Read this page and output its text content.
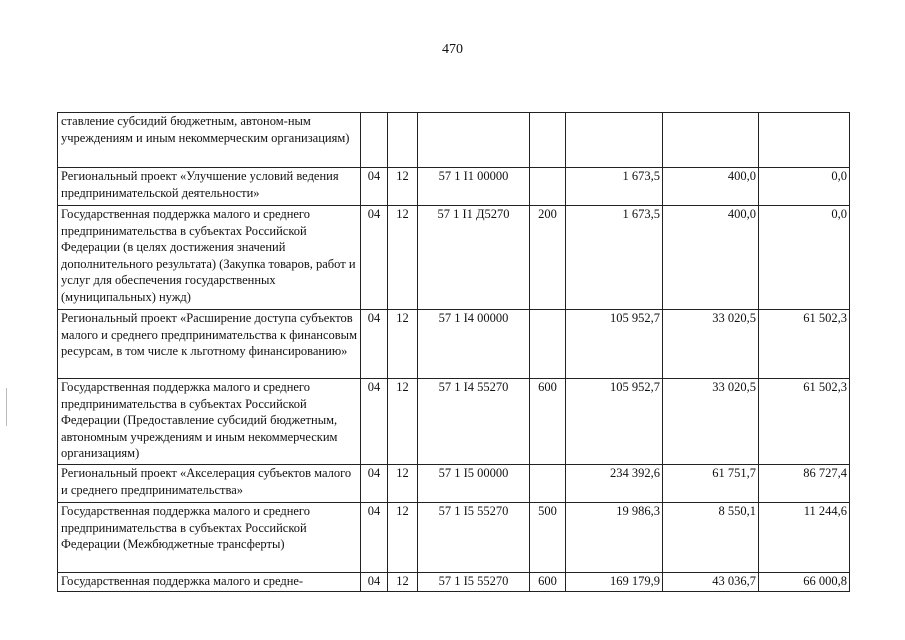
470
ставление субсидий бюджетным, автоном-ным учреждениям и иным некоммерческим организациям)							
Региональный проект «Улучшение условий ведения предпринимательской деятельности»	04	12	57 1 I1 00000		1 673,5	400,0	0,0
Государственная поддержка малого и среднего предпринимательства в субъектах Российской Федерации (в целях достижения значений дополнительного результата) (Закупка товаров, работ и услуг для обеспечения государственных (муниципальных) нужд)	04	12	57 1 I1 Д5270	200	1 673,5	400,0	0,0
Региональный проект «Расширение доступа субъектов малого и среднего предпринимательства к финансовым ресурсам, в том числе к льготному финансированию»	04	12	57 1 I4 00000		105 952,7	33 020,5	61 502,3
Государственная поддержка малого и среднего предпринимательства в субъектах Российской Федерации (Предоставление субсидий бюджетным, автономным учреждениям и иным некоммерческим организациям)	04	12	57 1 I4 55270	600	105 952,7	33 020,5	61 502,3
Региональный проект «Акселерация субъектов малого и среднего предпринимательства»	04	12	57 1 I5 00000		234 392,6	61 751,7	86 727,4
Государственная поддержка малого и среднего предпринимательства в субъектах Российской Федерации (Межбюджетные трансферты)	04	12	57 1 I5 55270	500	19 986,3	8 550,1	11 244,6
Государственная поддержка малого и средне-	04	12	57 1 I5 55270	600	169 179,9	43 036,7	66 000,8
